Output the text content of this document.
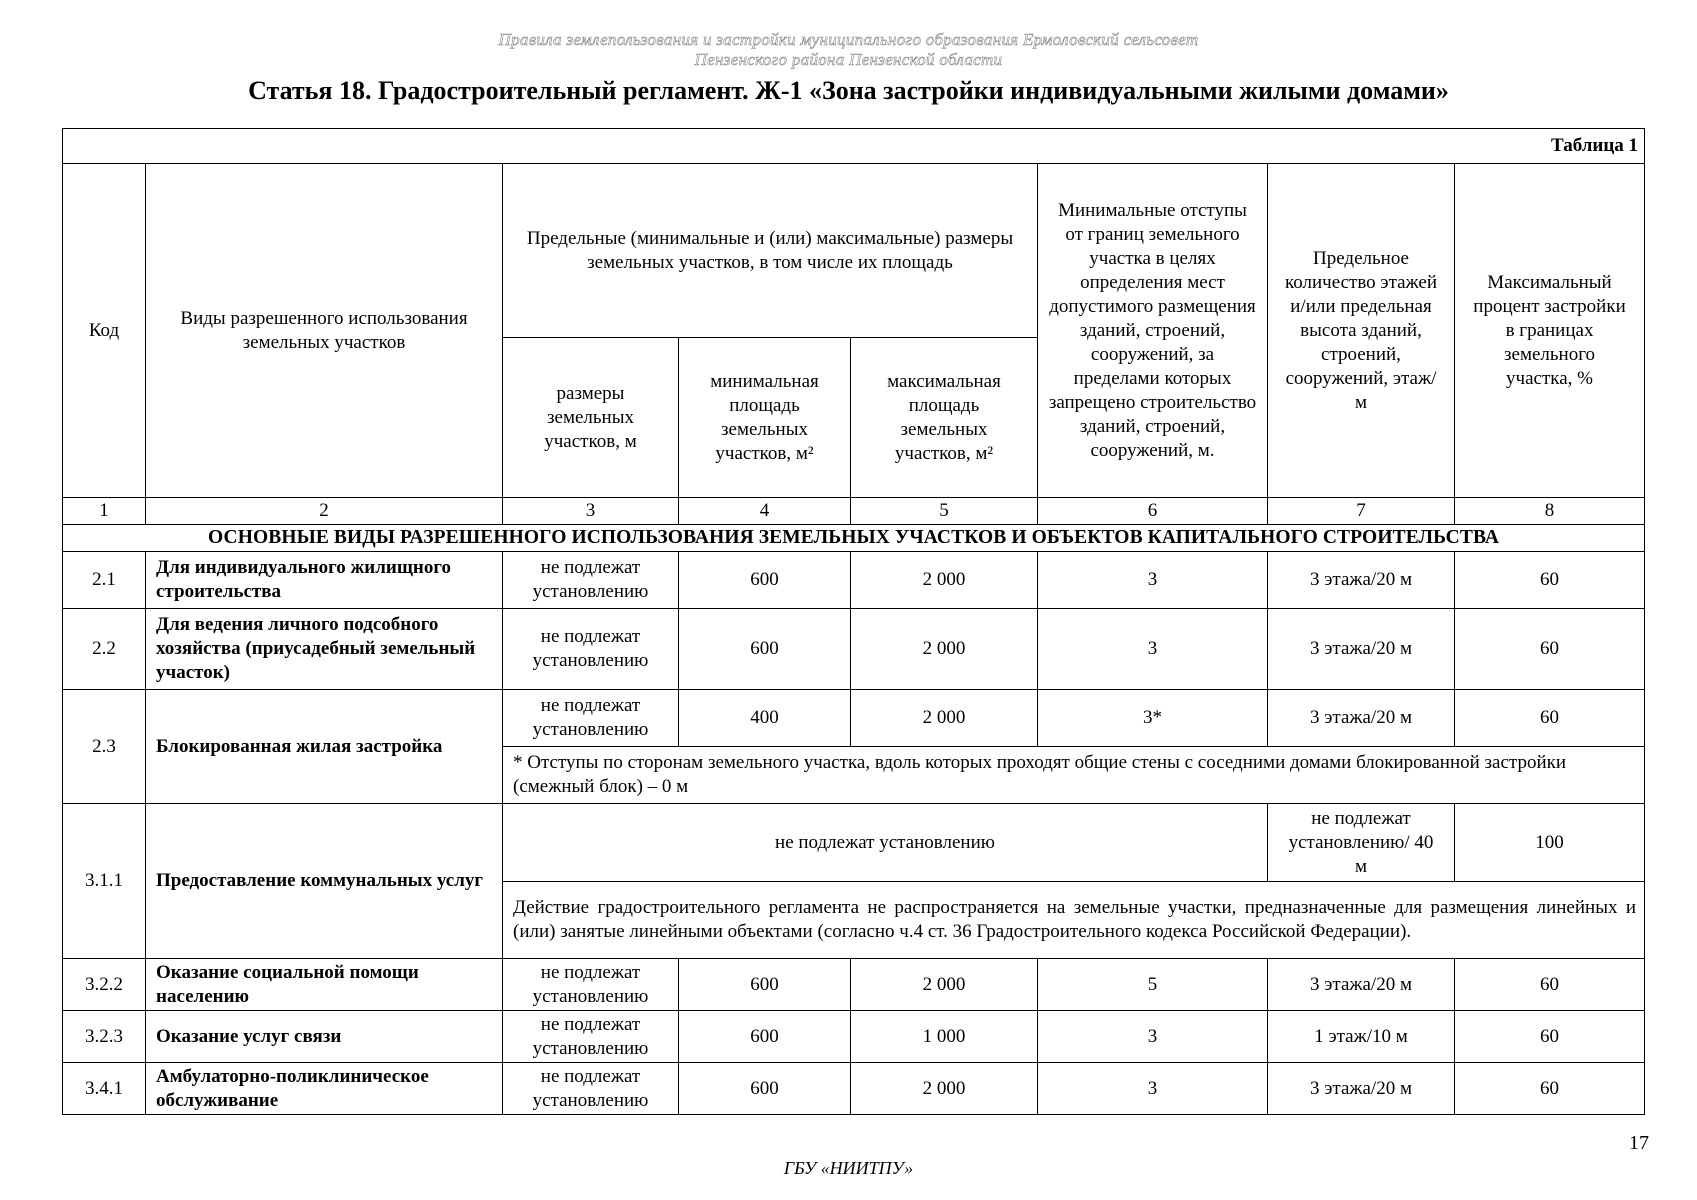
Правила землепользования и застройки муниципального образования Ермоловский сельсовет
Пензенского района Пензенской области
Статья 18. Градостроительный регламент. Ж-1 «Зона застройки индивидуальными жилыми домами»
Таблица 1							
Код	Виды разрешенного использования земельных участков	Предельные (минимальные и (или) максимальные) размеры земельных участков, в том числе их площадь			Минимальные отступы от границ земельного участка в целях определения мест допустимого размещения зданий, строений, сооружений, за пределами которых запрещено строительство зданий, строений, сооружений, м.	Предельное количество этажей и/или предельная высота зданий, строений, сооружений, этаж/м	Максимальный процент застройки в границах земельного участка, %
		размеры земельных участков, м	минимальная площадь земельных участков, м²	максимальная площадь земельных участков, м²			
1	2	3	4	5	6	7	8
ОСНОВНЫЕ ВИДЫ РАЗРЕШЕННОГО ИСПОЛЬЗОВАНИЯ ЗЕМЕЛЬНЫХ УЧАСТКОВ И ОБЪЕКТОВ КАПИТАЛЬНОГО СТРОИТЕЛЬСТВА							
2.1	Для индивидуального жилищного строительства	не подлежат установлению	600	2 000	3	3 этажа/20 м	60
2.2	Для ведения личного подсобного хозяйства (приусадебный земельный участок)	не подлежат установлению	600	2 000	3	3 этажа/20 м	60
2.3	Блокированная жилая застройка	не подлежат установлению	400	2 000	3*	3 этажа/20 м	60
		* Отступы по сторонам земельного участка, вдоль которых проходят общие стены с соседними домами блокированной застройки (смежный блок) – 0 м					
3.1.1	Предоставление коммунальных услуг	не подлежат установлению				не подлежат установлению/ 40 м	100
		Действие градостроительного регламента не распространяется на земельные участки, предназначенные для размещения линейных и (или) занятые линейными объектами (согласно ч.4 ст. 36 Градостроительного кодекса Российской Федерации).					
3.2.2	Оказание социальной помощи населению	не подлежат установлению	600	2 000	5	3 этажа/20 м	60
3.2.3	Оказание услуг связи	не подлежат установлению	600	1 000	3	1 этаж/10 м	60
3.4.1	Амбулаторно-поликлиническое обслуживание	не подлежат установлению	600	2 000	3	3 этажа/20 м	60
17
ГБУ «НИИТПУ»
